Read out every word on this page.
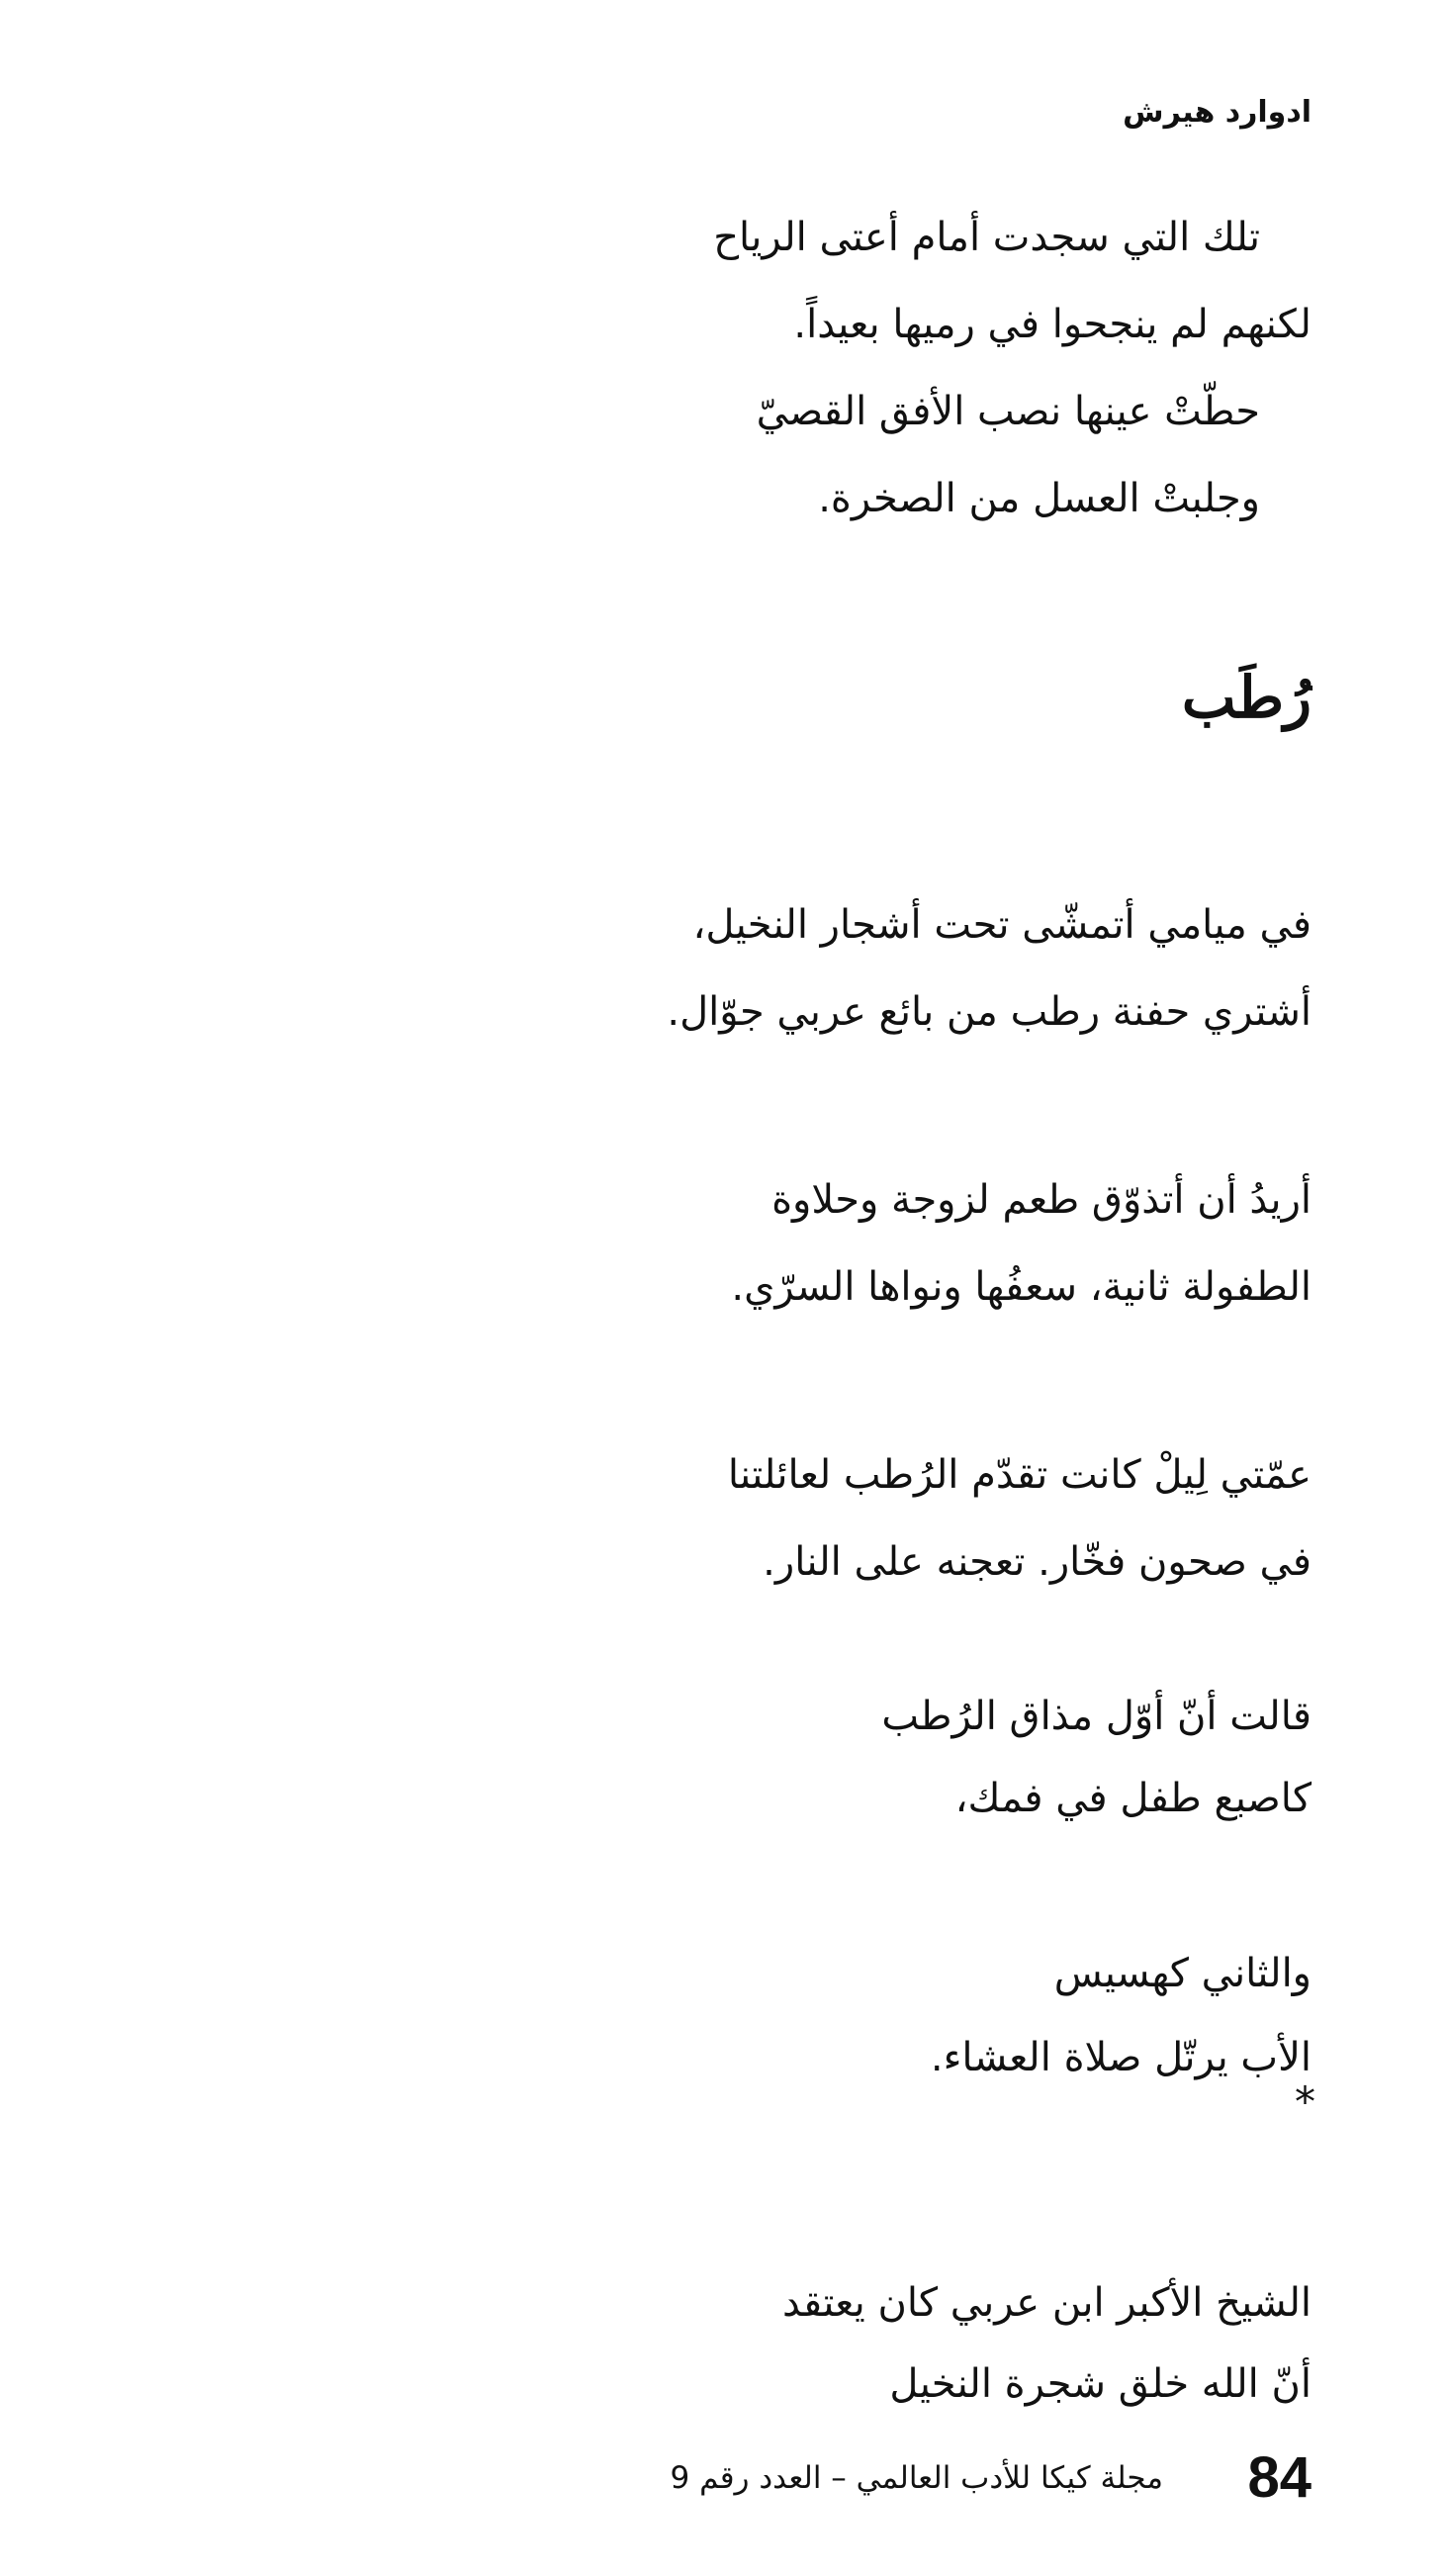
ادوارد هيرش
تلك التي سجدت أمام أعتى الرياح
لكنهم لم ينجحوا في رميها بعيداً.
حطّتْ عينها نصب الأفق القصيّ
وجلبتْ العسل من الصخرة.
رُطَب
في ميامي أتمشّى تحت أشجار النخيل،
أشتري حفنة رطب من بائع عربي جوّال.
أريدُ أن أتذوّق طعم لزوجة وحلاوة
الطفولة ثانية، سعفُها ونواها السرّي.
عمّتي لِيلْ كانت تقدّم الرُطب لعائلتنا
في صحون فخّار. تعجنه على النار.
قالت أنّ أوّل مذاق الرُطب
كاصبع طفل في فمك،
والثاني كهسيس
الأب يرتّل صلاة العشاء.
*
الشيخ الأكبر ابن عربي كان يعتقد
أنّ الله خلق شجرة النخيل
84
مجلة كيكا للأدب العالمي – العدد رقم 9
